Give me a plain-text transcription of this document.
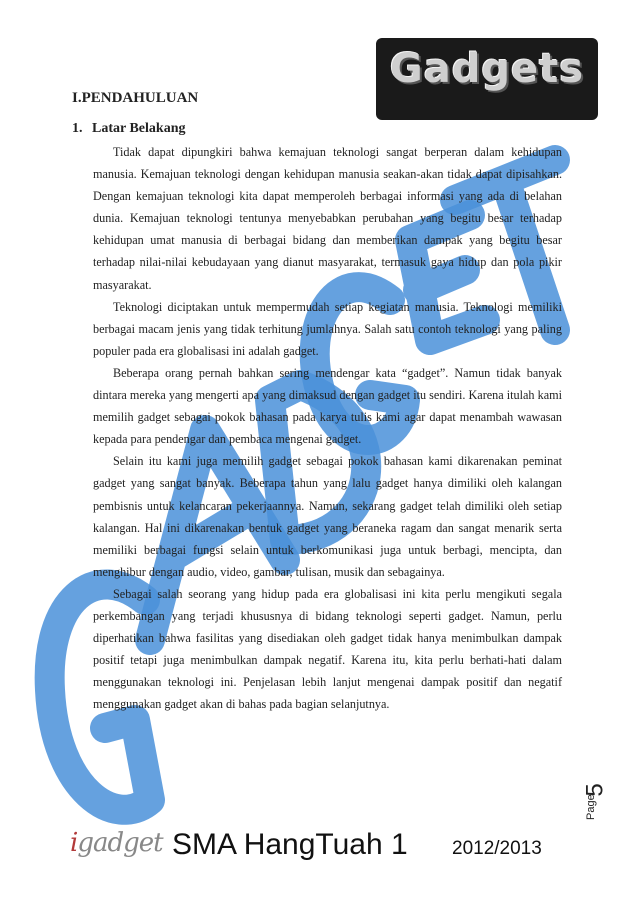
Gadgets
I.PENDAHULUAN
1. Latar Belakang

Tidak dapat dipungkiri bahwa kemajuan teknologi sangat berperan dalam kehidupan manusia. Kemajuan teknologi dengan kehidupan manusia seakan-akan tidak dapat dipisahkan. Dengan kemajuan teknologi kita dapat memperoleh berbagai informasi yang ada di belahan dunia. Kemajuan teknologi tentunya menyebabkan perubahan yang begitu besar terhadap kehidupan umat manusia di berbagai bidang dan memberikan dampak yang begitu besar terhadap nilai-nilai kebudayaan yang dianut masyarakat, termasuk gaya hidup dan pola pikir masyarakat.

Teknologi diciptakan untuk mempermudah setiap kegiatan manusia. Teknologi memiliki berbagai macam jenis yang tidak terhitung jumlahnya. Salah satu contoh teknologi yang paling populer pada era globalisasi ini adalah gadget.

Beberapa orang pernah bahkan sering mendengar kata “gadget”. Namun tidak banyak dintara mereka yang mengerti apa yang dimaksud dengan gadget itu sendiri. Karena itulah kami memilih gadget sebagai pokok bahasan pada karya tulis kami agar dapat menambah wawasan kepada para pendengar dan pembaca mengenai gadget.

Selain itu kami juga memilih gadget sebagai pokok bahasan kami dikarenakan peminat gadget yang sangat banyak. Beberapa tahun yang lalu gadget hanya dimiliki oleh kalangan pembisnis untuk kelancaran pekerjaannya. Namun, sekarang gadget telah dimiliki oleh setiap kalangan. Hal ini dikarenakan bentuk gadget yang beraneka ragam dan sangat menarik serta memiliki berbagai fungsi selain untuk berkomunikasi juga untuk berbagi, mencipta, dan menghibur dengan audio, video, gambar, tulisan, musik dan sebagainya.

Sebagai salah seorang yang hidup pada era globalisasi ini kita perlu mengikuti segala perkembangan yang terjadi khususnya di bidang teknologi seperti gadget. Namun, perlu diperhatikan bahwa fasilitas yang disediakan oleh gadget tidak hanya menimbulkan dampak positif tetapi juga menimbulkan dampak negatif. Karena itu, kita perlu berhati-hati dalam menggunakan teknologi ini. Penjelasan lebih lanjut mengenai dampak positif dan negatif menggunakan gadget akan di bahas pada bagian selanjutnya.

Page
5
igadget SMA HangTuah 1 2012/2013
